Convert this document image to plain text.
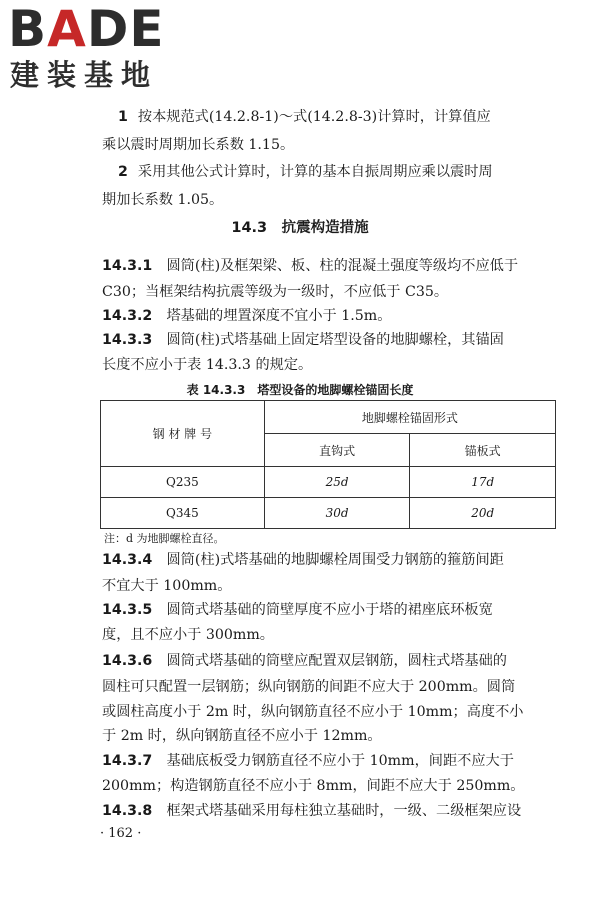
BADE
建装基地
1 按本规范式(14.2.8-1)～式(14.2.8-3)计算时，计算值应
乘以震时周期加长系数 1.15。
2 采用其他公式计算时，计算的基本自振周期应乘以震时周
期加长系数 1.05。
14.3　 抗震构造措施
14.3.1　 圆筒(柱)及框架梁、板、柱的混凝土强度等级均不应低于
C30；当框架结构抗震等级为一级时，不应低于 C35。
14.3.2　 塔基础的埋置深度不宜小于 1.5m。
14.3.3　 圆筒(柱)式塔基础上固定塔型设备的地脚螺栓，其锚固
长度不应小于表 14.3.3 的规定。
表 14.3.3　塔型设备的地脚螺栓锚固长度
钢 材 牌 号	地脚螺栓锚固形式	
	直钩式	锚板式
Q235	25d	17d
Q345	30d	20d
注：d 为地脚螺栓直径。
14.3.4　 圆筒(柱)式塔基础的地脚螺栓周围受力钢筋的箍筋间距
不宜大于 100mm。
14.3.5　 圆筒式塔基础的筒壁厚度不应小于塔的裙座底环板宽
度，且不应小于 300mm。
14.3.6　 圆筒式塔基础的筒壁应配置双层钢筋，圆柱式塔基础的
圆柱可只配置一层钢筋；纵向钢筋的间距不应大于 200mm。圆筒
或圆柱高度小于 2m 时，纵向钢筋直径不应小于 10mm；高度不小
于 2m 时，纵向钢筋直径不应小于 12mm。
14.3.7　 基础底板受力钢筋直径不应小于 10mm，间距不应大于
200mm；构造钢筋直径不应小于 8mm，间距不应大于 250mm。
14.3.8　 框架式塔基础采用每柱独立基础时，一级、二级框架应设
· 162 ·
